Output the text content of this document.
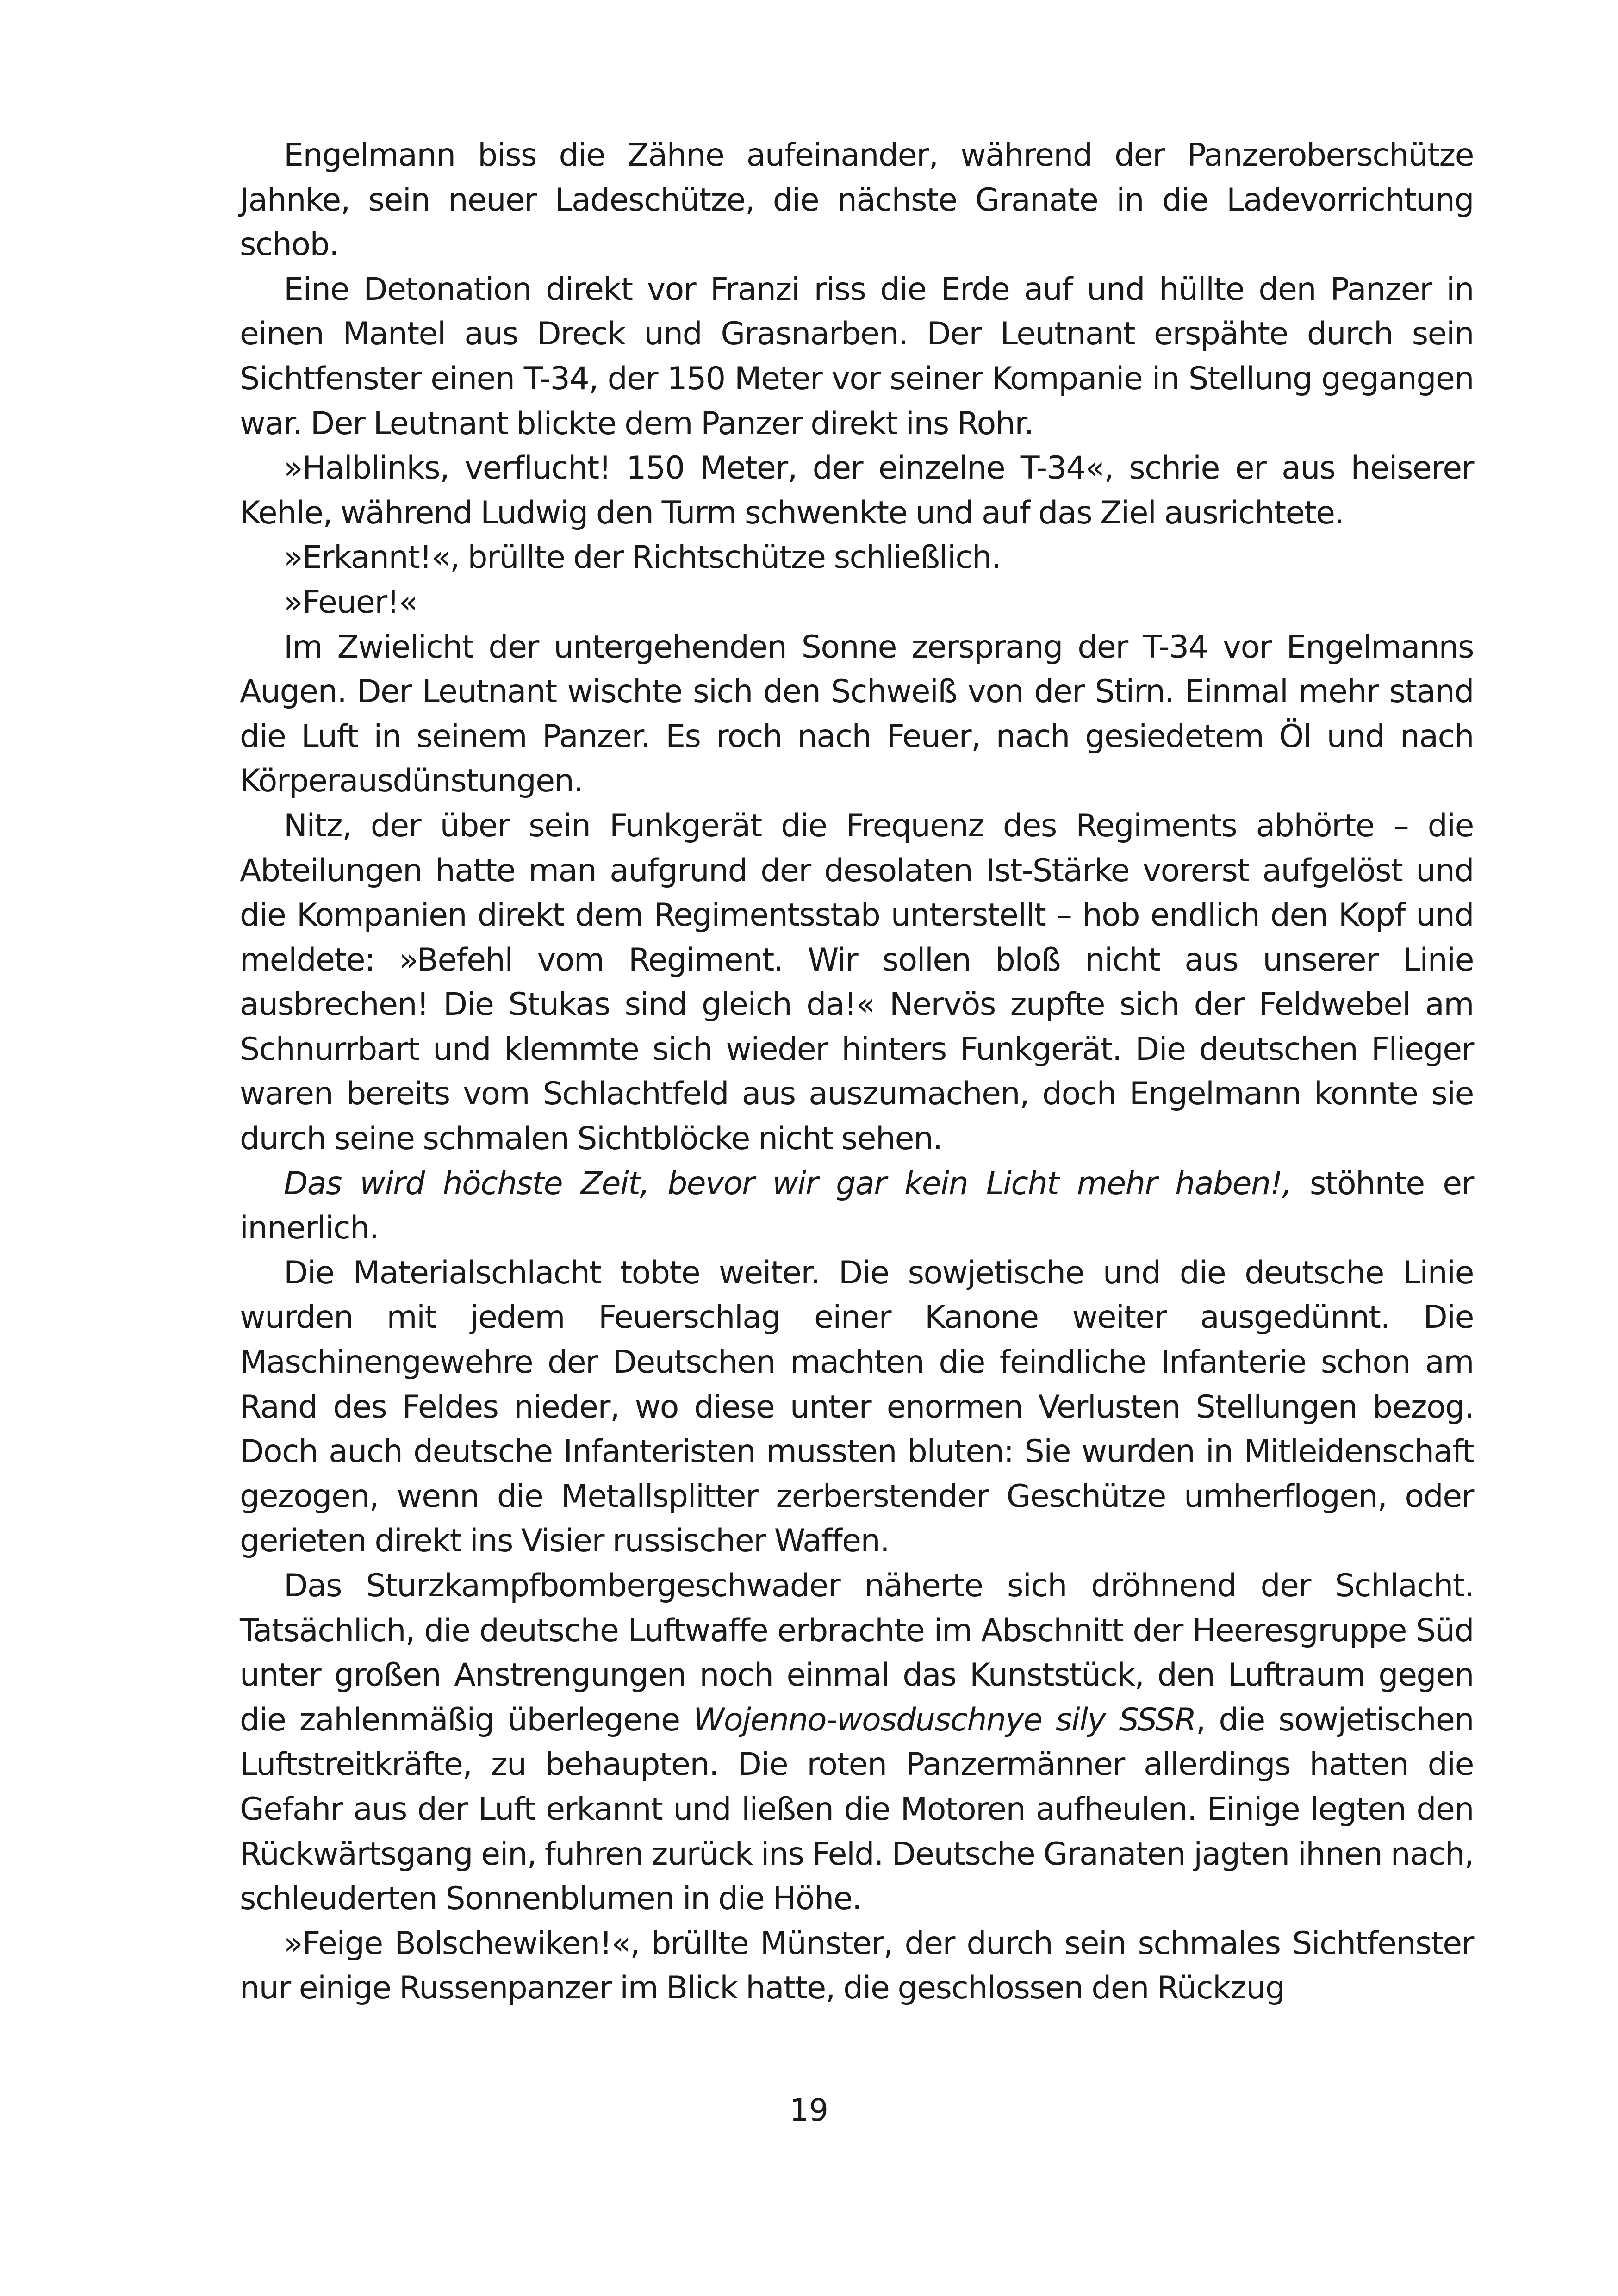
Engelmann biss die Zähne aufeinander, während der Panzeroberschütze Jahnke, sein neuer Ladeschütze, die nächste Granate in die Ladevorrichtung schob.

Eine Detonation direkt vor Franzi riss die Erde auf und hüllte den Panzer in einen Mantel aus Dreck und Grasnarben. Der Leutnant erspähte durch sein Sichtfenster einen T-34, der 150 Meter vor seiner Kompanie in Stellung gegangen war. Der Leutnant blickte dem Panzer direkt ins Rohr.

»Halblinks, verflucht! 150 Meter, der einzelne T-34«, schrie er aus heiserer Kehle, während Ludwig den Turm schwenkte und auf das Ziel ausrichtete.

»Erkannt!«, brüllte der Richtschütze schließlich.

»Feuer!«

Im Zwielicht der untergehenden Sonne zersprang der T-34 vor Engelmanns Augen. Der Leutnant wischte sich den Schweiß von der Stirn. Einmal mehr stand die Luft in seinem Panzer. Es roch nach Feuer, nach gesiedetem Öl und nach Körperausdünstungen.

Nitz, der über sein Funkgerät die Frequenz des Regiments abhörte – die Abteilungen hatte man aufgrund der desolaten Ist-Stärke vorerst aufgelöst und die Kompanien direkt dem Regimentsstab unterstellt – hob endlich den Kopf und meldete: »Befehl vom Regiment. Wir sollen bloß nicht aus unserer Linie ausbrechen! Die Stukas sind gleich da!« Nervös zupfte sich der Feldwebel am Schnurrbart und klemmte sich wieder hinters Funkgerät. Die deutschen Flieger waren bereits vom Schlachtfeld aus auszumachen, doch Engelmann konnte sie durch seine schmalen Sichtblöcke nicht sehen.

Das wird höchste Zeit, bevor wir gar kein Licht mehr haben!, stöhnte er innerlich.

Die Materialschlacht tobte weiter. Die sowjetische und die deutsche Linie wurden mit jedem Feuerschlag einer Kanone weiter ausgedünnt. Die Maschinengewehre der Deutschen machten die feindliche Infanterie schon am Rand des Feldes nieder, wo diese unter enormen Verlusten Stellungen bezog. Doch auch deutsche Infanteristen mussten bluten: Sie wurden in Mitleidenschaft gezogen, wenn die Metallsplitter zerberstender Geschütze umherflogen, oder gerieten direkt ins Visier russischer Waffen.

Das Sturzkampfbombergeschwader näherte sich dröhnend der Schlacht. Tatsächlich, die deutsche Luftwaffe erbrachte im Abschnitt der Heeresgruppe Süd unter großen Anstrengungen noch einmal das Kunststück, den Luftraum gegen die zahlenmäßig überlegene Wojenno-wosduschnye sily SSSR, die sowjetischen Luftstreitkräfte, zu behaupten. Die roten Panzermänner allerdings hatten die Gefahr aus der Luft erkannt und ließen die Motoren aufheulen. Einige legten den Rückwärtsgang ein, fuhren zurück ins Feld. Deutsche Granaten jagten ihnen nach, schleuderten Sonnenblumen in die Höhe.

»Feige Bolschewiken!«, brüllte Münster, der durch sein schmales Sichtfenster nur einige Russenpanzer im Blick hatte, die geschlossen den Rückzug

19
